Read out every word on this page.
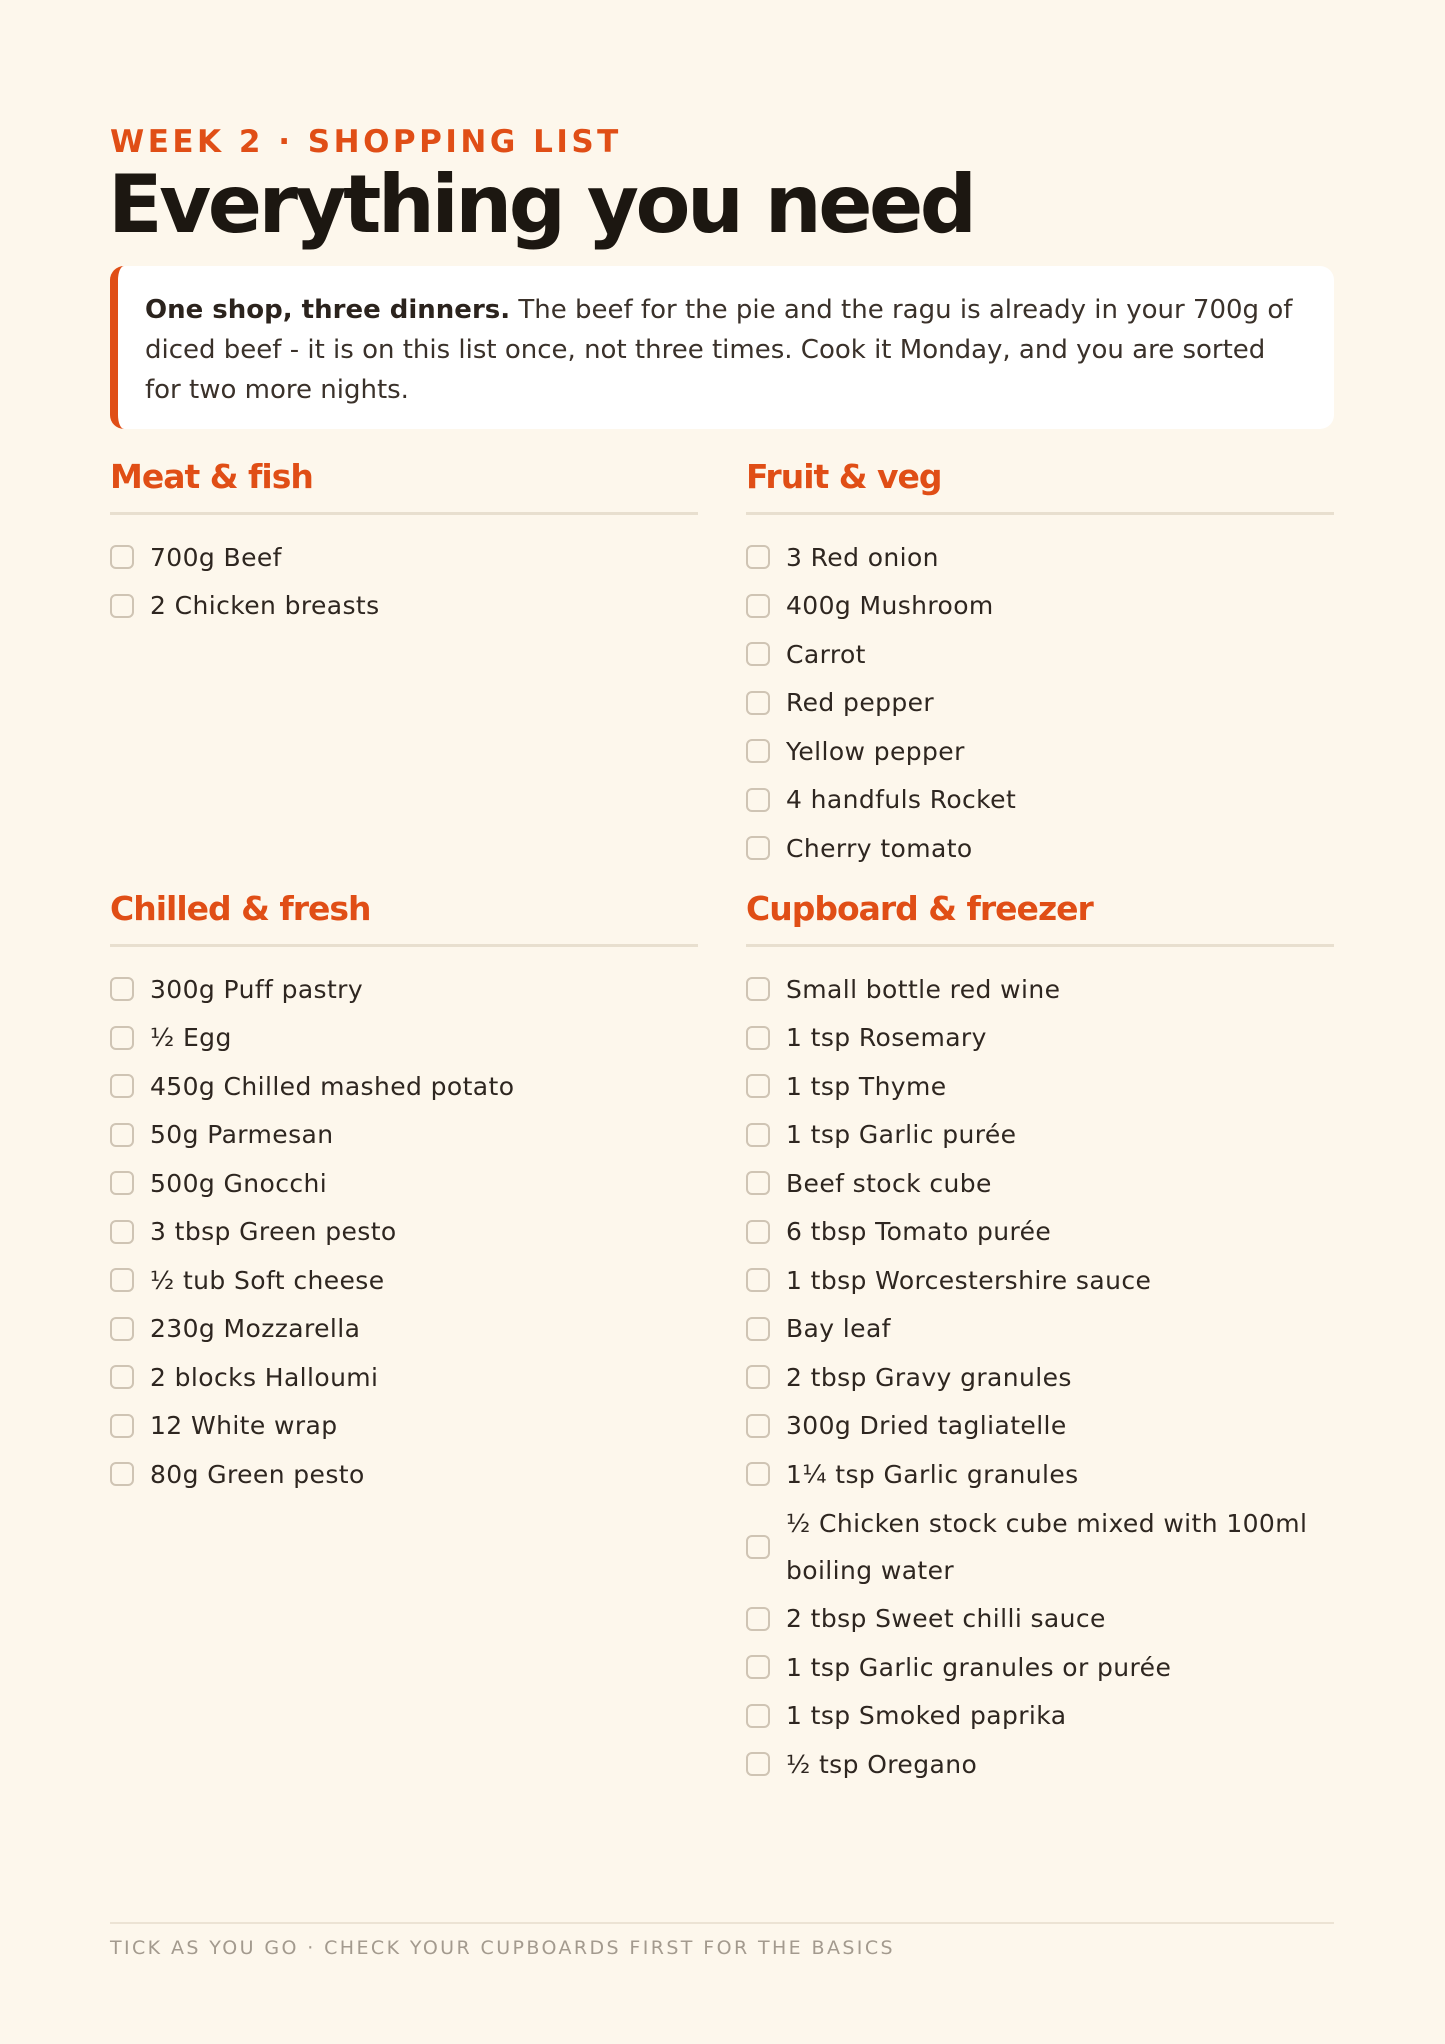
WEEK 2 · SHOPPING LIST
Everything you need
One shop, three dinners. The beef for the pie and the ragu is already in your 700g of diced beef - it is on this list once, not three times. Cook it Monday, and you are sorted for two more nights.
Meat & fish
700g Beef
2 Chicken breasts
Fruit & veg
3 Red onion
400g Mushroom
Carrot
Red pepper
Yellow pepper
4 handfuls Rocket
Cherry tomato
Chilled & fresh
300g Puff pastry
½ Egg
450g Chilled mashed potato
50g Parmesan
500g Gnocchi
3 tbsp Green pesto
½ tub Soft cheese
230g Mozzarella
2 blocks Halloumi
12 White wrap
80g Green pesto
Cupboard & freezer
Small bottle red wine
1 tsp Rosemary
1 tsp Thyme
1 tsp Garlic purée
Beef stock cube
6 tbsp Tomato purée
1 tbsp Worcestershire sauce
Bay leaf
2 tbsp Gravy granules
300g Dried tagliatelle
1¼ tsp Garlic granules
½ Chicken stock cube mixed with 100ml boiling water
2 tbsp Sweet chilli sauce
1 tsp Garlic granules or purée
1 tsp Smoked paprika
½ tsp Oregano
TICK AS YOU GO · CHECK YOUR CUPBOARDS FIRST FOR THE BASICS
